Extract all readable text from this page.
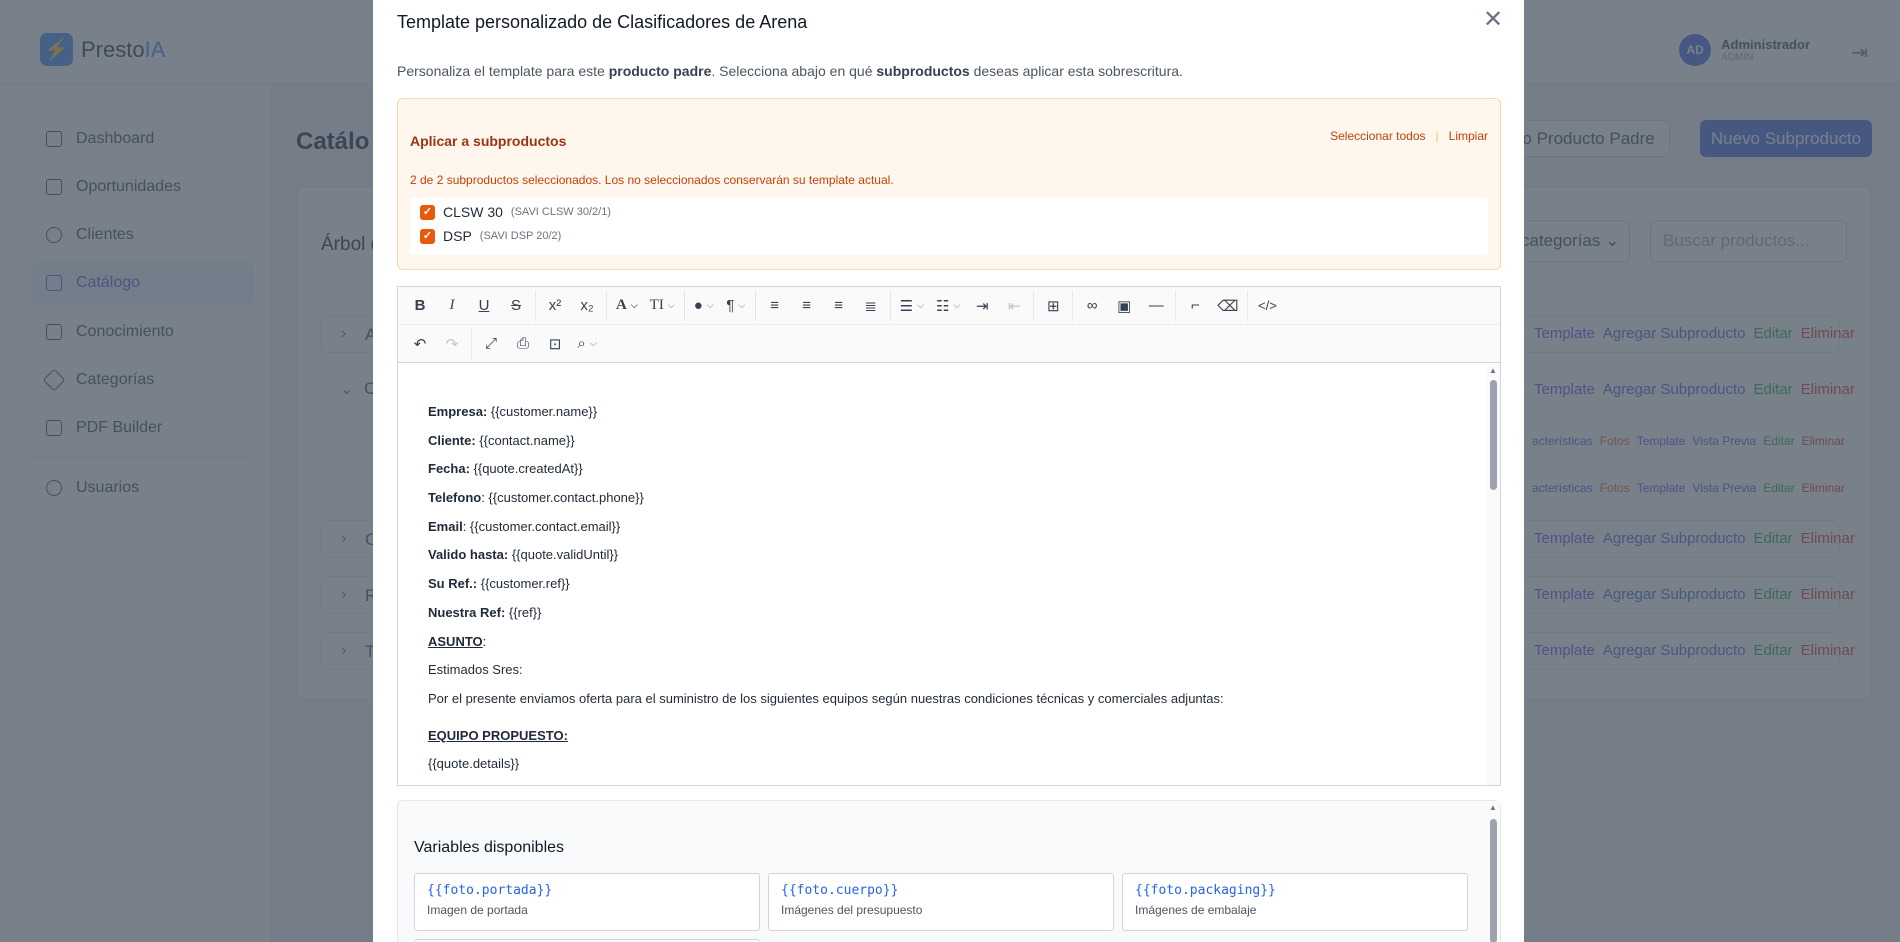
Template personalizado de Clasificadores de Arena	✕
Personaliza el template para este producto padre. Selecciona abajo en qué subproductos deseas aplicar esta sobrescritura.
Aplicar a subproductos	Seleccionar todos | Limpiar
2 de 2 subproductos seleccionados. Los no seleccionados conservarán su template actual.
✓ CLSW 30 (SAVI CLSW 30/2/1)
✓ DSP (SAVI DSP 20/2)
B	I	U	S	x²	x₂	A ⌵ TI ⌵	● ⌵ ¶ ⌵	≡	≡	≡	≣	☰ ⌵ ☷ ⌵	⇥	⇤	⊞	∞	▣	—	⌐	⌫	</>
↶	↷	⤢	⎙	⊡	⌕ ⌵
Empresa: {{customer.name}}
Cliente: {{contact.name}}
Fecha: {{quote.createdAt}}
Telefono: {{customer.contact.phone}}
Email: {{customer.contact.email}}
Valido hasta: {{quote.validUntil}}
Su Ref.: {{customer.ref}}
Nuestra Ref: {{ref}}
ASUNTO:
Estimados Sres:
Por el presente enviamos oferta para el suministro de los siguientes equipos según nuestras condiciones técnicas y comerciales adjuntas:
EQUIPO PROPUESTO:
{{quote.details}}
▲
Variables disponibles
{{foto.portada}}
Imagen de portada
{{foto.cuerpo}}
Imágenes del presupuesto
{{foto.packaging}}
Imágenes de embalaje
▲
